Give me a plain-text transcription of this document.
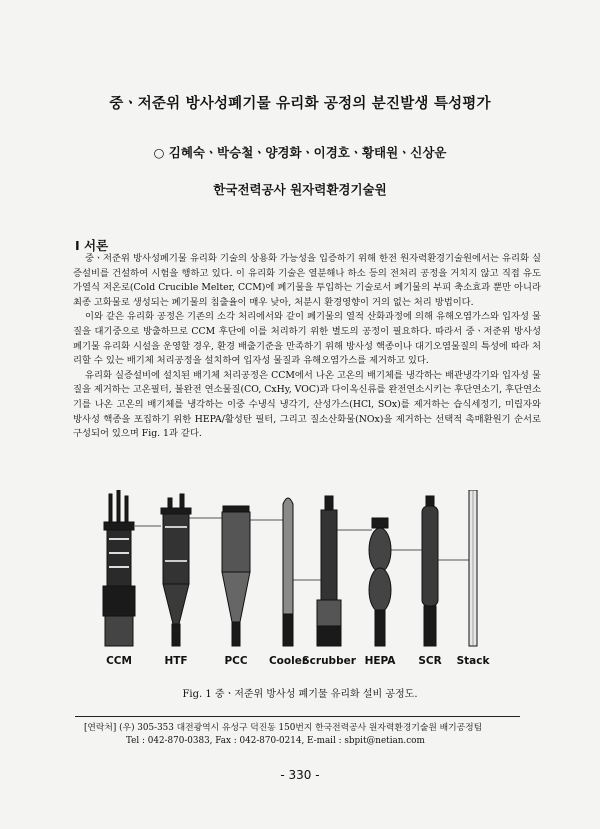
중ㆍ저준위 방사성폐기물 유리화 공정의 분진발생 특성평가
○ 김혜숙ㆍ박승철ㆍ양경화ㆍ이경호ㆍ황태원ㆍ신상운
한국전력공사 원자력환경기술원
Ⅰ 서론

중ㆍ저준위 방사성폐기물 유리화 기술의 상용화 가능성을 입증하기 위해 한전 원자력환경기술원에서는 유리화 실증설비를 건설하여 시험을 행하고 있다. 이 유리화 기술은 열분해나 하소 등의 전처리 공정을 거치지 않고 직접 유도가열식 저온로(Cold Crucible Melter, CCM)에 폐기물을 투입하는 기술로서 폐기물의 부피 축소효과 뿐만 아니라 최종 고화물로 생성되는 폐기물의 침출율이 매우 낮아, 처분시 환경영향이 거의 없는 처리 방법이다.

이와 같은 유리화 공정은 기존의 소각 처리에서와 같이 폐기물의 열적 산화과정에 의해 유해오염가스와 입자성 물질을 대기중으로 방출하므로 CCM 후단에 이를 처리하기 위한 별도의 공정이 필요하다. 따라서 중ㆍ저준위 방사성폐기물 유리화 시설을 운영할 경우, 환경 배출기준을 만족하기 위해 방사성 핵종이나 대기오염물질의 특성에 따라 처리할 수 있는 배기체 처리공정을 설치하여 입자성 물질과 유해오염가스를 제거하고 있다.

유리화 실증설비에 설치된 배기체 처리공정은 CCM에서 나온 고온의 배기체를 냉각하는 배관냉각기와 입자성 물질을 제거하는 고온필터, 불완전 연소물질(CO, CxHy, VOC)과 다이옥신류를 완전연소시키는 후단연소기, 후단연소기를 나온 고온의 배기체를 냉각하는 이중 수냉식 냉각기, 산성가스(HCl, SOx)를 제거하는 습식세정기, 미립자와 방사성 핵종을 포집하기 위한 HEPA/활성탄 필터, 그리고 질소산화물(NOx)을 제거하는 선택적 촉매환원기 순서로 구성되어 있으며 Fig. 1과 같다.

CCM	HTF	PCC Cooler
Scrubber HEPA SCR Stack
Fig. 1 중ㆍ저준위 방사성 폐기물 유리화 설비 공정도.
[연락처] (우) 305-353 대전광역시 유성구 덕진동 150번지 한국전력공사 원자력환경기술원 배기공정팀
Tel : 042-870-0383, Fax : 042-870-0214, E-mail : sbpit@netian.com
- 330 -
